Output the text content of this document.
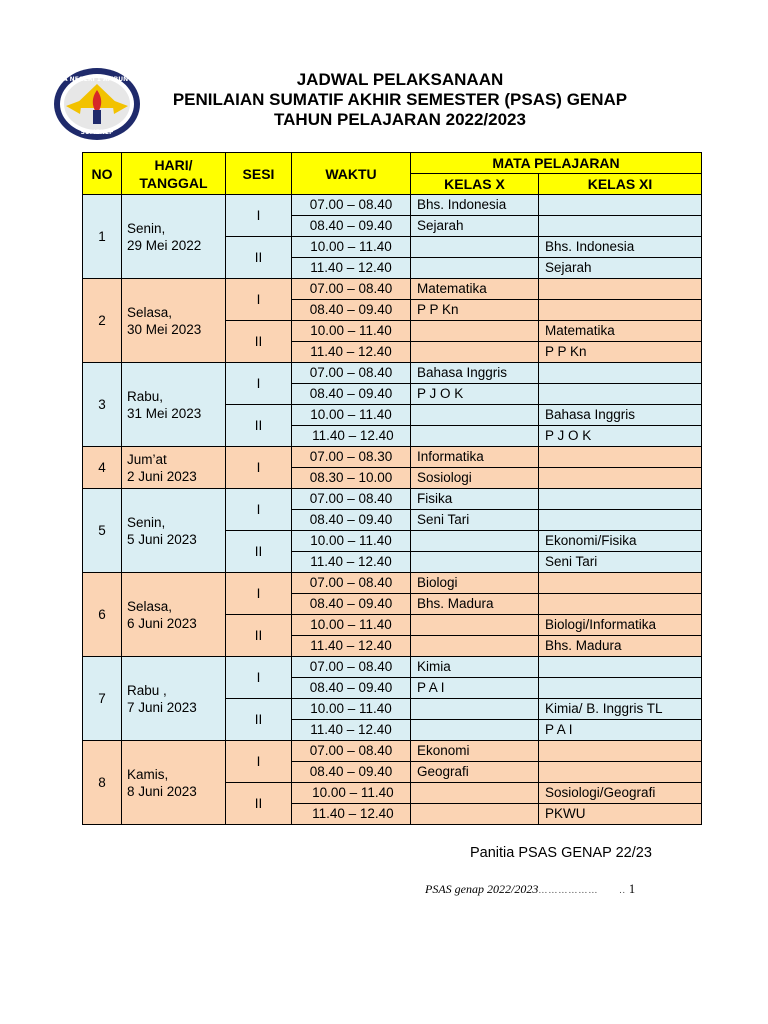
SMA NEGERI 1 AMBUNTEN
SUMENEP
JADWAL PELAKSANAAN
PENILAIAN SUMATIF AKHIR SEMESTER (PSAS) GENAP
TAHUN PELAJARAN 2022/2023
NO	HARI/
TANGGAL	SESI	WAKTU	MATA PELAJARAN	
				KELAS X	KELAS XI
1	Senin,
29 Mei 2022	I	07.00 – 08.40	Bhs. Indonesia	
			08.40 – 09.40	Sejarah	
		II	10.00 – 11.40		Bhs. Indonesia
			11.40 – 12.40		Sejarah
2	Selasa,
30 Mei 2023	I	07.00 – 08.40	Matematika	
			08.40 – 09.40	P P Kn	
		II	10.00 – 11.40		Matematika
			11.40 – 12.40		P P Kn
3	Rabu,
31 Mei 2023	I	07.00 – 08.40	Bahasa Inggris	
			08.40 – 09.40	P J O K	
		II	10.00 – 11.40		Bahasa Inggris
			11.40 – 12.40		P J O K
4	Jum’at
2 Juni 2023	I	07.00 – 08.30	Informatika	
			08.30 – 10.00	Sosiologi	
5	Senin,
5 Juni 2023	I	07.00 – 08.40	Fisika	
			08.40 – 09.40	Seni Tari	
		II	10.00 – 11.40		Ekonomi/Fisika
			11.40 – 12.40		Seni Tari
6	Selasa,
6 Juni 2023	I	07.00 – 08.40	Biologi	
			08.40 – 09.40	Bhs. Madura	
		II	10.00 – 11.40		Biologi/Informatika
			11.40 – 12.40		Bhs. Madura
7	Rabu ,
7 Juni 2023	I	07.00 – 08.40	Kimia	
			08.40 – 09.40	P A I	
		II	10.00 – 11.40		Kimia/ B. Inggris TL
			11.40 – 12.40		P A I
8	Kamis,
8 Juni 2023	I	07.00 – 08.40	Ekonomi	
			08.40 – 09.40	Geografi	
		II	10.00 – 11.40		Sosiologi/Geografi
			11.40 – 12.40		PKWU
Panitia PSAS GENAP 22/23
PSAS genap 2022/2023……………… .. 1
